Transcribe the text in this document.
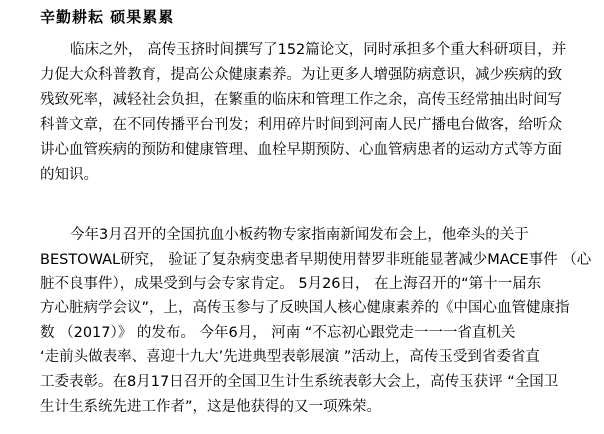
辛勤耕耘 硕果累累
临床之外， 高传玉挤时间撰写了152篇论文，同时承担多个重大科研项目，并
力促大众科普教育，提高公众健康素养。为让更多人增强防病意识，减少疾病的致
残致死率，减轻社会负担，在繁重的临床和管理工作之余，高传玉经常抽出时间写
科普文章，在不同传播平台刊发；利用碎片时间到河南人民广播电台做客，给听众
讲心血管疾病的预防和健康管理、血栓早期预防、心血管病患者的运动方式等方面
的知识。
今年3月召开的全国抗血小板药物专家指南新闻发布会上，他牵头的关于
BESTOWAL研究， 验证了复杂病变患者早期使用替罗非班能显著减少MACE事件 （心
脏不良事件），成果受到与会专家肯定。 5月26日， 在上海召开的“第十一届东
方心脏病学会议”，上，高传玉参与了反映国人核心健康素养的《中国心血管健康指
数 （2017）》 的发布。 今年6月， 河南 “不忘初心跟党走一一一省直机关
‘走前头做表率、喜迎十九大’先进典型表彰展演 ”活动上，高传玉受到省委省直
工委表彰。在8月17日召开的全国卫生计生系统表彰大会上，高传玉获评 “全国卫
生计生系统先进工作者”，这是他获得的又一项殊荣。
